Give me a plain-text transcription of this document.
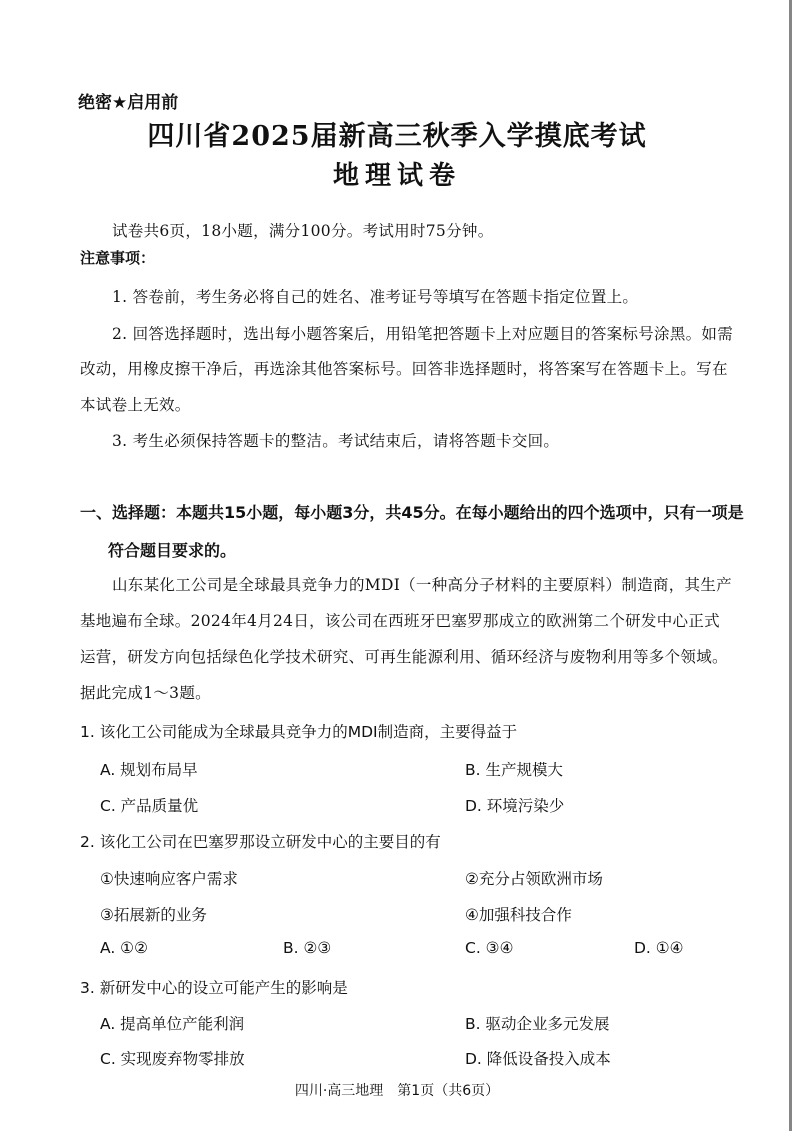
绝密★启用前
四川省2025届新高三秋季入学摸底考试
地理试卷
试卷共6页，18小题，满分100分。考试用时75分钟。
注意事项：
1. 答卷前，考生务必将自己的姓名、准考证号等填写在答题卡指定位置上。
2. 回答选择题时，选出每小题答案后，用铅笔把答题卡上对应题目的答案标号涂黑。如需
改动，用橡皮擦干净后，再选涂其他答案标号。回答非选择题时，将答案写在答题卡上。写在
本试卷上无效。
3. 考生必须保持答题卡的整洁。考试结束后，请将答题卡交回。
一、选择题：本题共15小题，每小题3分，共45分。在每小题给出的四个选项中，只有一项是
符合题目要求的。
山东某化工公司是全球最具竞争力的MDI（一种高分子材料的主要原料）制造商，其生产
基地遍布全球。2024年4月24日，该公司在西班牙巴塞罗那成立的欧洲第二个研发中心正式
运营，研发方向包括绿色化学技术研究、可再生能源利用、循环经济与废物利用等多个领域。
据此完成1～3题。
1. 该化工公司能成为全球最具竞争力的MDI制造商，主要得益于
A. 规划布局早	B. 生产规模大
C. 产品质量优	D. 环境污染少
2. 该化工公司在巴塞罗那设立研发中心的主要目的有
①快速响应客户需求	②充分占领欧洲市场
③拓展新的业务	④加强科技合作
A. ①②	B. ②③	C. ③④	D. ①④
3. 新研发中心的设立可能产生的影响是
A. 提高单位产能利润	B. 驱动企业多元发展
C. 实现废弃物零排放	D. 降低设备投入成本
四川·高三地理　第1页（共6页）
